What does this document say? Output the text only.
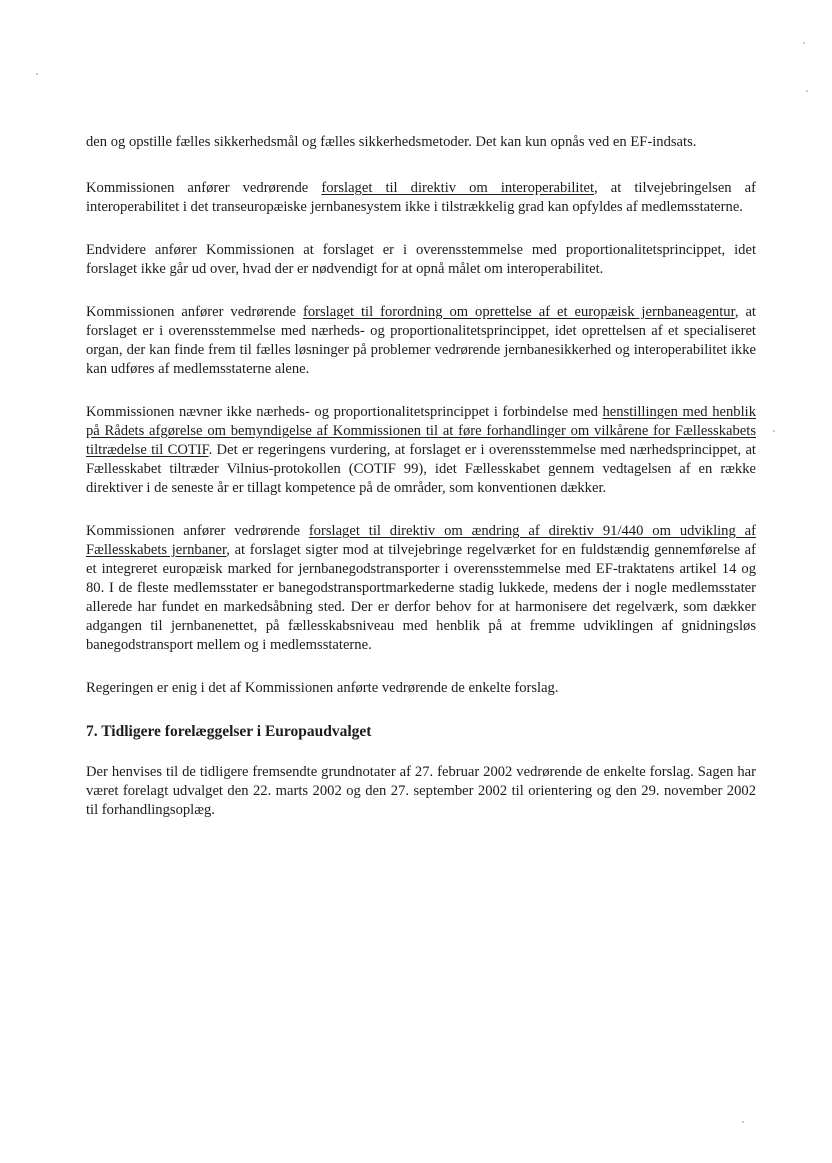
den og opstille fælles sikkerhedsmål og fælles sikkerhedsmetoder. Det kan kun opnås ved en EF-indsats.

Kommissionen anfører vedrørende forslaget til direktiv om interoperabilitet, at tilvejebringelsen af interoperabilitet i det transeuropæiske jernbanesystem ikke i tilstrækkelig grad kan opfyldes af medlemsstaterne.

Endvidere anfører Kommissionen at forslaget er i overensstemmelse med proportionalitetsprincippet, idet forslaget ikke går ud over, hvad der er nødvendigt for at opnå målet om interoperabilitet.

Kommissionen anfører vedrørende forslaget til forordning om oprettelse af et europæisk jernbaneagentur, at forslaget er i overensstemmelse med nærheds- og proportionalitetsprincippet, idet oprettelsen af et specialiseret organ, der kan finde frem til fælles løsninger på problemer vedrørende jernbanesikkerhed og interoperabilitet ikke kan udføres af medlemsstaterne alene.

Kommissionen nævner ikke nærheds- og proportionalitetsprincippet i forbindelse med henstillingen med henblik på Rådets afgørelse om bemyndigelse af Kommissionen til at føre forhandlinger om vilkårene for Fællesskabets tiltrædelse til COTIF. Det er regeringens vurdering, at forslaget er i overensstemmelse med nærhedsprincippet, at Fællesskabet tiltræder Vilnius-protokollen (COTIF 99), idet Fællesskabet gennem vedtagelsen af en række direktiver i de seneste år er tillagt kompetence på de områder, som konventionen dækker.

Kommissionen anfører vedrørende forslaget til direktiv om ændring af direktiv 91/440 om udvikling af Fællesskabets jernbaner, at forslaget sigter mod at tilvejebringe regelværket for en fuldstændig gennemførelse af et integreret europæisk marked for jernbanegodstransporter i overensstemmelse med EF-traktatens artikel 14 og 80. I de fleste medlemsstater er banegodstransportmarkederne stadig lukkede, medens der i nogle medlemsstater allerede har fundet en markedsåbning sted. Der er derfor behov for at harmonisere det regelværk, som dækker adgangen til jernbanenettet, på fællesskabsniveau med henblik på at fremme udviklingen af gnidningsløs banegodstransport mellem og i medlemsstaterne.

Regeringen er enig i det af Kommissionen anførte vedrørende de enkelte forslag.

7. Tidligere forelæggelser i Europaudvalget

Der henvises til de tidligere fremsendte grundnotater af 27. februar 2002 vedrørende de enkelte forslag. Sagen har været forelagt udvalget den 22. marts 2002 og den 27. september 2002 til orientering og den 29. november 2002 til forhandlingsoplæg.
